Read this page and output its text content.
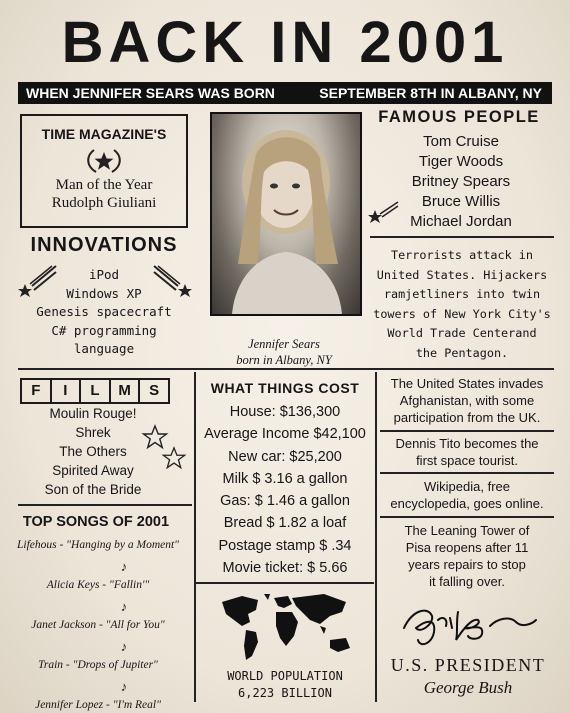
BACK IN 2001
WHEN JENNIFER SEARS WAS BORN	SEPTEMBER 8TH IN ALBANY, NY
TIME MAGAZINE'S
Man of the Year
Rudolph Giuliani
INNOVATIONS
iPod
Windows XP
Genesis spacecraft
C# programming
language	Jennifer Sears
born in Albany, NY
FAMOUS PEOPLE
Tom Cruise
Tiger Woods
Britney Spears
Bruce Willis
Michael Jordan
Terrorists attack in
United States. Hijackers
ramjetliners into twin
towers of New York City's
World Trade Centerand
the Pentagon.
F	I	L	M	S
Moulin Rouge!
Shrek
The Others
Spirited Away
Son of the Bride
TOP SONGS OF 2001
Lifehous - "Hanging by a Moment"
♪
Alicia Keys - "Fallin'"
♪
Janet Jackson - "All for You"
♪
Train - "Drops of Jupiter"
♪
Jennifer Lopez - "I'm Real"
WHAT THINGS COST
House: $136,300
Average Income $42,100
New car: $25,200
Milk $ 3.16 a gallon
Gas: $ 1.46 a gallon
Bread $ 1.82 a loaf
Postage stamp $ .34
Movie ticket: $ 5.66
WORLD POPULATION
6,223 BILLION
The United States invades
Afghanistan, with some
participation from the UK.
Dennis Tito becomes the
first space tourist.
Wikipedia, free
encyclopedia, goes online.
The Leaning Tower of
Pisa reopens after 11
years repairs to stop
it falling over.
U.S. PRESIDENT
George Bush
